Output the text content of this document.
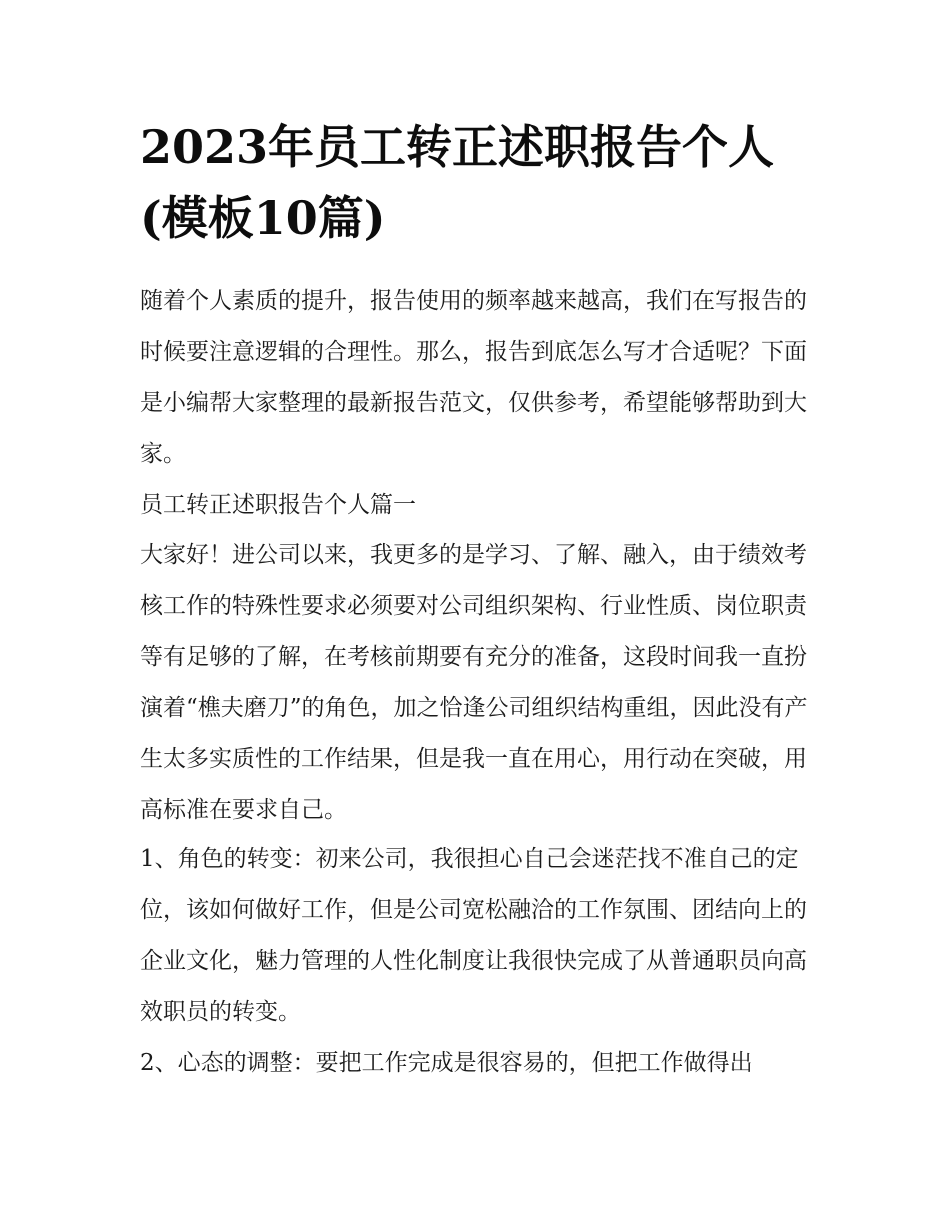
2023年员工转正述职报告个人(模板10篇)

随着个人素质的提升，报告使用的频率越来越高，我们在写报告的时候要注意逻辑的合理性。那么，报告到底怎么写才合适呢？下面是小编帮大家整理的最新报告范文，仅供参考，希望能够帮助到大家。

员工转正述职报告个人篇一

大家好！进公司以来，我更多的是学习、了解、融入，由于绩效考核工作的特殊性要求必须要对公司组织架构、行业性质、岗位职责等有足够的了解，在考核前期要有充分的准备，这段时间我一直扮演着“樵夫磨刀”的角色，加之恰逢公司组织结构重组，因此没有产生太多实质性的工作结果，但是我一直在用心，用行动在突破，用高标准在要求自己。

1、角色的转变：初来公司，我很担心自己会迷茫找不准自己的定位，该如何做好工作，但是公司宽松融洽的工作氛围、团结向上的企业文化，魅力管理的人性化制度让我很快完成了从普通职员向高效职员的转变。

2、心态的调整：要把工作完成是很容易的，但把工作做得出
